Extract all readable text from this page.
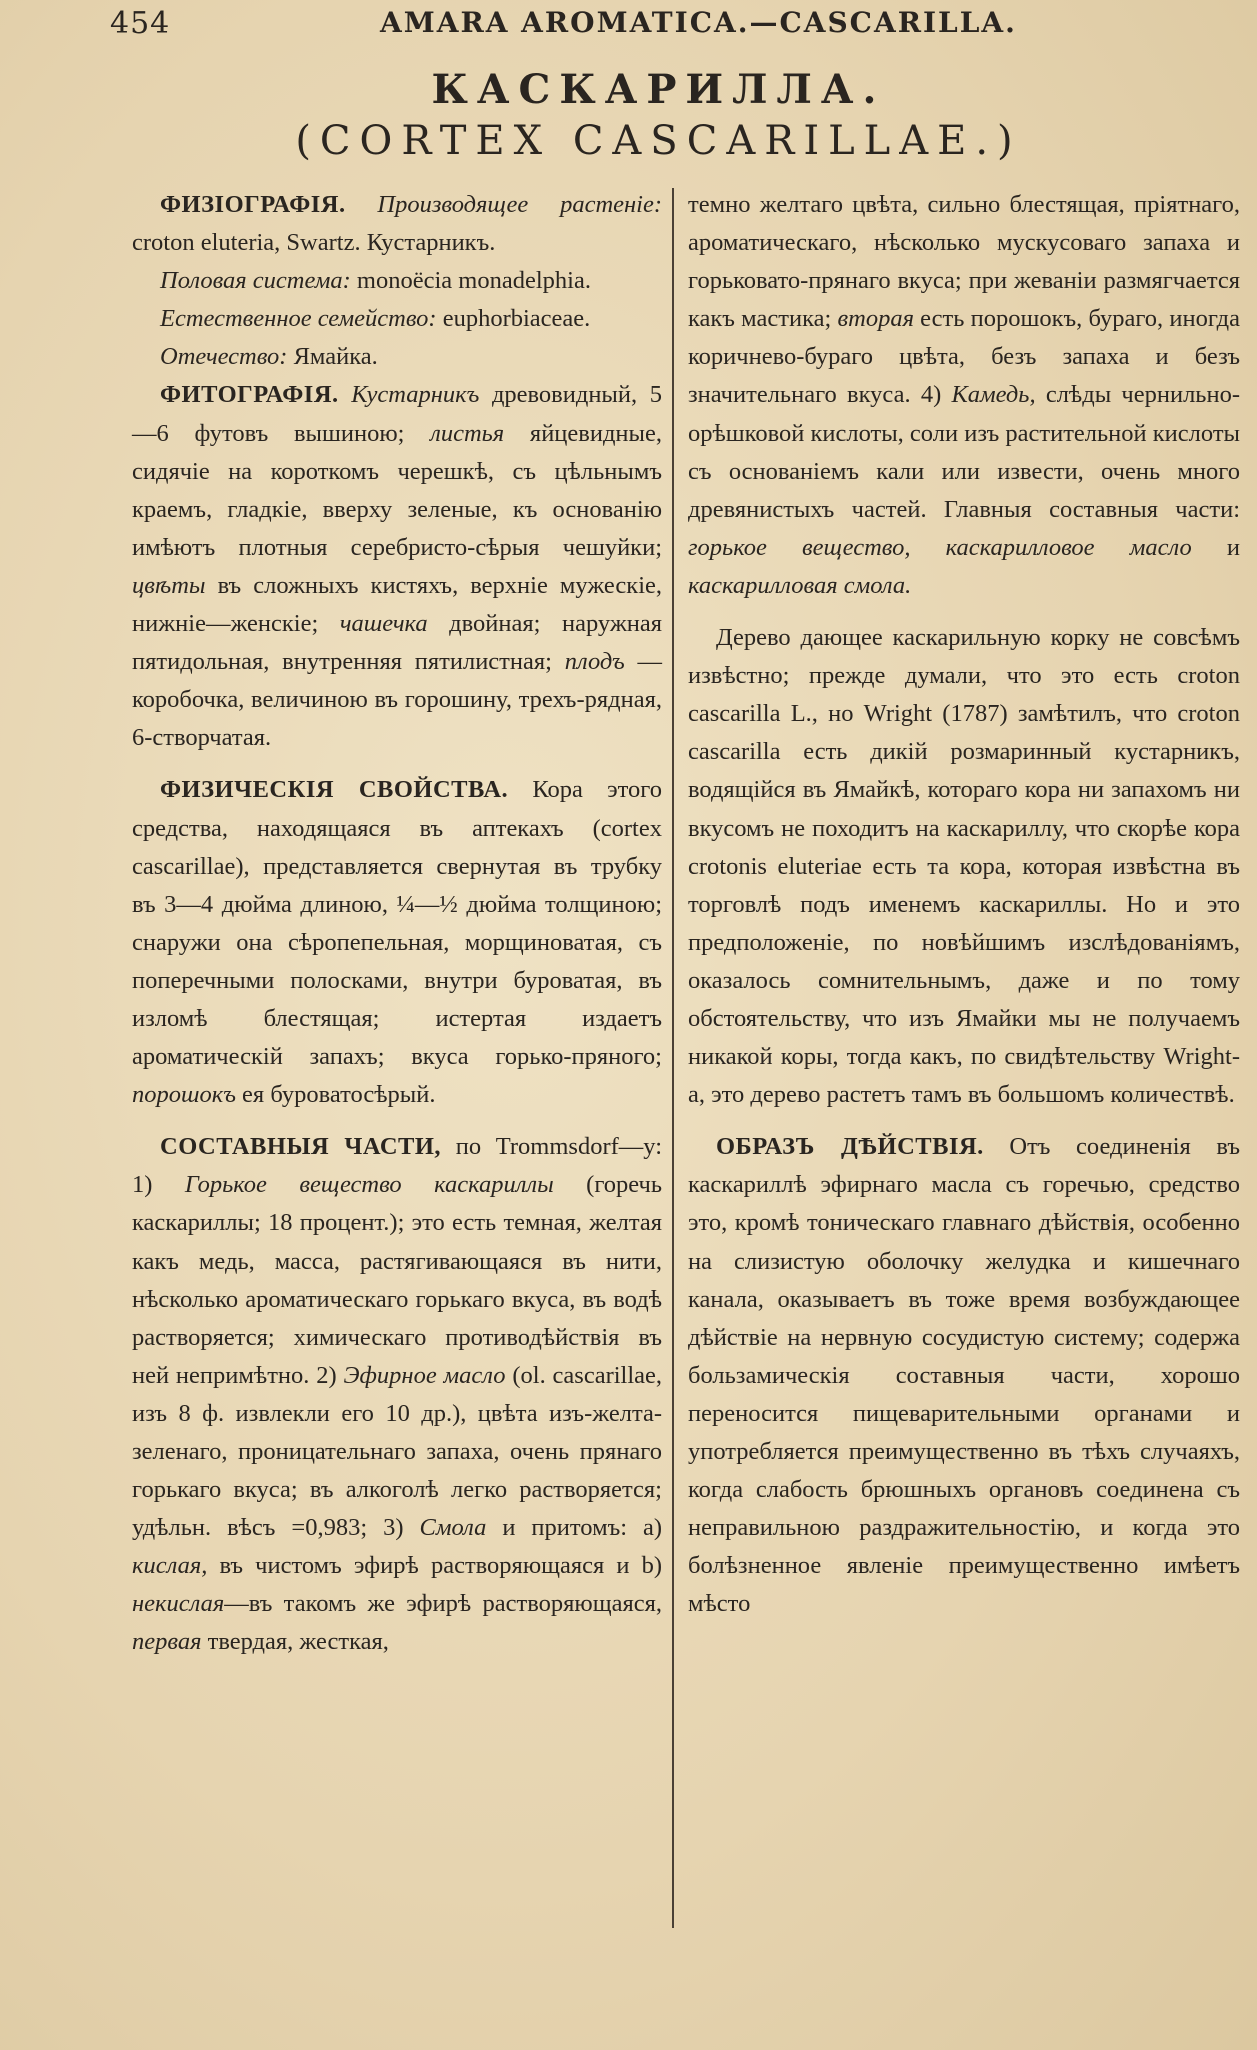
454	AMARA AROMATICA.—CASCARILLA.
КАСКАРИЛЛА.
(CORTEX CASCARILLAE.)

ФИЗІОГРАФІЯ. Производящее растеніе: croton eluteria, Swartz. Кустарникъ.

Половая система: monoёcia monadelphia.

Естественное семейство: euphorbiaceae.

Отечество: Ямайка.

ФИТОГРАФІЯ. Кустарникъ древовидный, 5—6 футовъ вышиною; листья яйцевидные, сидячіе на короткомъ черешкѣ, съ цѣльнымъ краемъ, гладкіе, вверху зеленые, къ основанію имѣютъ плотныя серебристо-сѣрыя чешуйки; цвѣты въ сложныхъ кистяхъ, верхніе мужескіе, нижніе—женскіе; чашечка двойная; наружная пятидольная, внутренняя пятилистная; плодъ — коробочка, величиною въ горошину, трехъ-рядная, 6-створчатая.

ФИЗИЧЕСКІЯ СВОЙСТВА. Кора этого средства, находящаяся въ аптекахъ (cortex cascarillae), представляется свернутая въ трубку въ 3—4 дюйма длиною, ¼—½ дюйма толщиною; снаружи она сѣропепельная, морщиноватая, съ поперечными полосками, внутри буроватая, въ изломѣ блестящая; истертая издаетъ ароматическій запахъ; вкуса горько-пряного; порошокъ ея буроватосѣрый.

СОСТАВНЫЯ ЧАСТИ, по Trommsdorf—у: 1) Горькое вещество каскариллы (горечь каскариллы; 18 процент.); это есть темная, желтая какъ медь, масса, растягивающаяся въ нити, нѣсколько ароматическаго горькаго вкуса, въ водѣ растворяется; химическаго противодѣйствія въ ней непримѣтно. 2) Эфирное масло (ol. cascarillae, изъ 8 ф. извлекли его 10 др.), цвѣта изъ-желта-зеленаго, проницательнаго запаха, очень прянаго горькаго вкуса; въ алкоголѣ легко растворяется; удѣльн. вѣсъ =0,983; 3) Смола и притомъ: a) кислая, въ чистомъ эфирѣ растворяющаяся и b) некислая—въ такомъ же эфирѣ растворяющаяся, первая твердая, жесткая,

темно желтаго цвѣта, сильно блестящая, пріятнаго, ароматическаго, нѣсколько мускусоваго запаха и горьковато-прянаго вкуса; при жеваніи размягчается какъ мастика; вторая есть порошокъ, бураго, иногда коричнево-бураго цвѣта, безъ запаха и безъ значительнаго вкуса. 4) Камедь, слѣды чернильно-орѣшковой кислоты, соли изъ растительной кислоты съ основаніемъ кали или извести, очень много древянистыхъ частей. Главныя составныя части: горькое вещество, каскарилловое масло и каскарилловая смола.

Дерево дающее каскарильную корку не совсѣмъ извѣстно; прежде думали, что это есть croton cascarilla L., но Wright (1787) замѣтилъ, что croton cascarilla есть дикій розмаринный кустарникъ, водящійся въ Ямайкѣ, котораго кора ни запахомъ ни вкусомъ не походитъ на каскариллу, что скорѣе кора crotonis eluteriae есть та кора, которая извѣстна въ торговлѣ подъ именемъ каскариллы. Но и это предположеніе, по новѣйшимъ изслѣдованіямъ, оказалось сомнительнымъ, даже и по тому обстоятельству, что изъ Ямайки мы не получаемъ никакой коры, тогда какъ, по свидѣтельству Wright-а, это дерево растетъ тамъ въ большомъ количествѣ.

ОБРАЗЪ ДѢЙСТВІЯ. Отъ соединенія въ каскариллѣ эфирнаго масла съ горечью, средство это, кромѣ тоническаго главнаго дѣйствія, особенно на слизистую оболочку желудка и кишечнаго канала, оказываетъ въ тоже время возбуждающее дѣйствіе на нервную сосудистую систему; содержа бользамическія составныя части, хорошо переносится пищеварительными органами и употребляется преимущественно въ тѣхъ случаяхъ, когда слабость брюшныхъ органовъ соединена съ неправильною раздражительностію, и когда это болѣзненное явленіе преимущественно имѣетъ мѣсто
